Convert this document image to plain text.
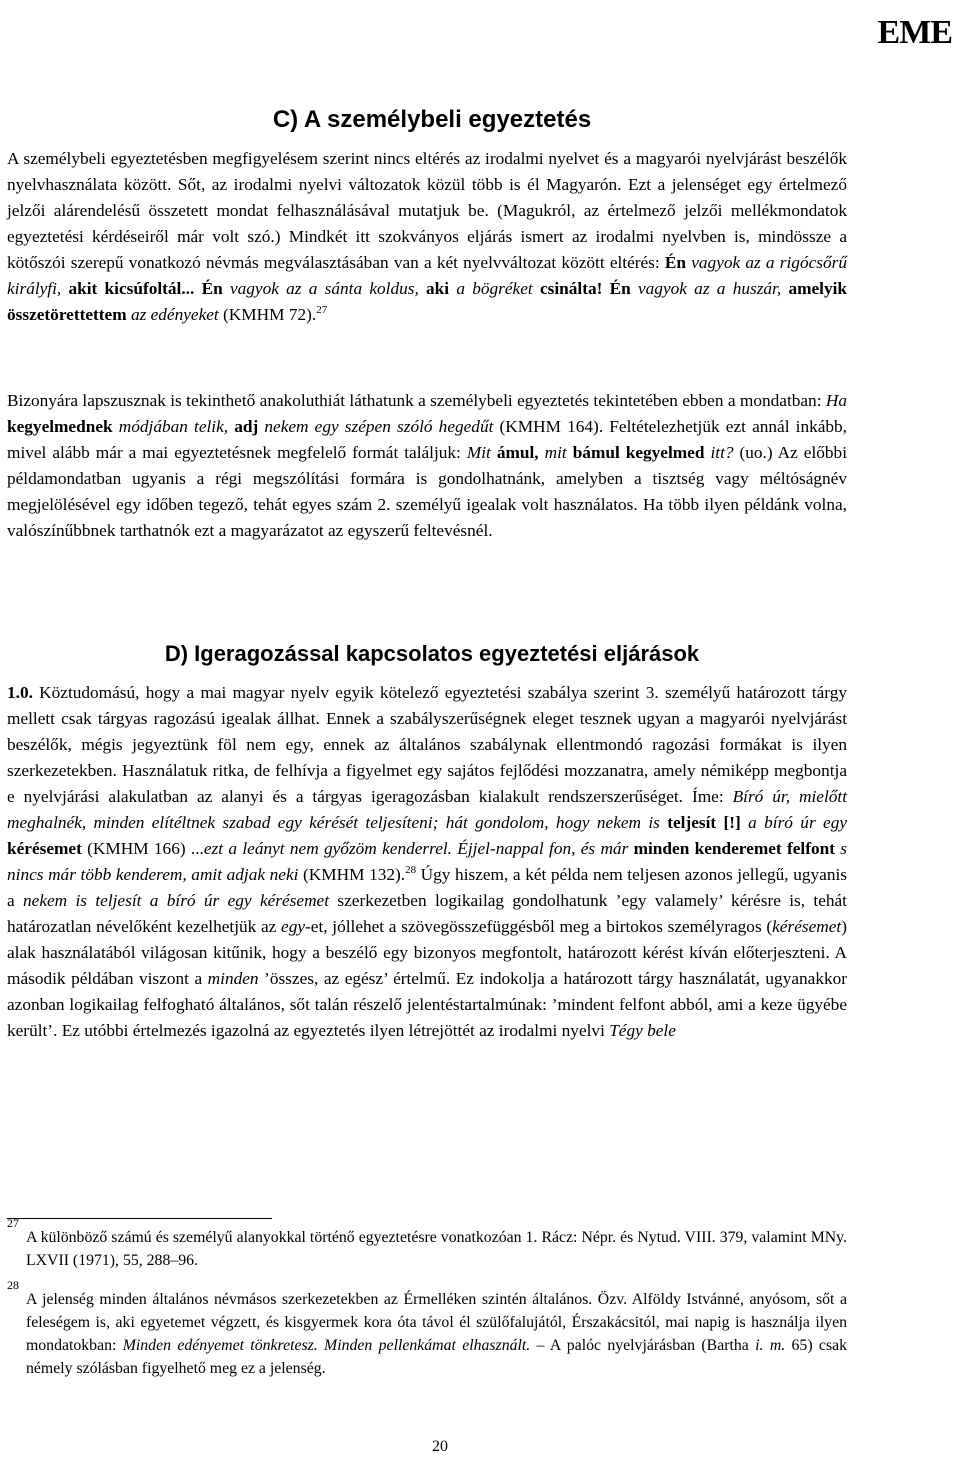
EME
C) A személybeli egyeztetés

A személybeli egyeztetésben megfigyelésem szerint nincs eltérés az irodalmi nyelvet és a magyarói nyelvjárást beszélők nyelvhasználata között. Sőt, az irodalmi nyelvi változatok közül több is él Magyarón. Ezt a jelenséget egy értelmező jelzői alárendelésű összetett mondat felhasználásával mutatjuk be. (Magukról, az értelmező jelzői mellékmondatok egyeztetési kérdéseiről már volt szó.) Mindkét itt szokványos eljárás ismert az irodalmi nyelvben is, mindössze a kötőszói szerepű vonatkozó névmás megválasztásában van a két nyelvváltozat között eltérés: Én vagyok az a rigócsőrű királyfi, akit kicsúfoltál... Én vagyok az a sánta koldus, aki a bögréket csinálta! Én vagyok az a huszár, amelyik összetörettettem az edényeket (KMHM 72).$^{27}$

Bizonyára lapszusznak is tekinthető anakoluthiát láthatunk a személybeli egyeztetés tekintetében ebben a mondatban: Ha kegyelmednek módjában telik, adj nekem egy szépen szóló hegedűt (KMHM 164). Feltételezhetjük ezt annál inkább, mivel alább már a mai egyeztetésnek megfelelő formát találjuk: Mit ámul, mit bámul kegyelmed itt? (uo.) Az előbbi példamondatban ugyanis a régi megszólítási formára is gondolhatnánk, amelyben a tisztség vagy méltóságnév megjelölésével egy időben tegező, tehát egyes szám 2. személyű igealak volt használatos. Ha több ilyen példánk volna, valószínűbbnek tarthatnók ezt a magyarázatot az egyszerű feltevésnél.

D) Igeragozással kapcsolatos egyeztetési eljárások

1.0. Köztudomású, hogy a mai magyar nyelv egyik kötelező egyeztetési szabálya szerint 3. személyű határozott tárgy mellett csak tárgyas ragozású igealak állhat. Ennek a szabályszerűségnek eleget tesznek ugyan a magyarói nyelvjárást beszélők, mégis jegyeztünk föl nem egy, ennek az általános szabálynak ellentmondó ragozási formákat is ilyen szerkezetekben. Használatuk ritka, de felhívja a figyelmet egy sajátos fejlődési mozzanatra, amely némiképp megbontja e nyelvjárási alakulatban az alanyi és a tárgyas igeragozásban kialakult rendszerszerűséget. Íme: Bíró úr, mielőtt meghalnék, minden elítéltnek szabad egy kérését teljesíteni; hát gondolom, hogy nekem is teljesít [!] a bíró úr egy kérésemet (KMHM 166) ...ezt a leányt nem győzöm kenderrel. Éjjel-nappal fon, és már minden kenderemet felfont s nincs már több kenderem, amit adjak neki (KMHM 132).$^{28}$ Úgy hiszem, a két példa nem teljesen azonos jellegű, ugyanis a nekem is teljesít a bíró úr egy kérésemet szerkezetben logikailag gondolhatunk ’egy valamely’ kérésre is, tehát határozatlan névelőként kezelhetjük az egy-et, jóllehet a szövegösszefüggésből meg a birtokos személyragos (kérésemet) alak használatából világosan kitűnik, hogy a beszélő egy bizonyos megfontolt, határozott kérést kíván előterjeszteni. A második példában viszont a minden ’összes, az egész’ értelmű. Ez indokolja a határozott tárgy használatát, ugyanakkor azonban logikailag felfogható általános, sőt talán részelő jelentéstartalmúnak: ’mindent felfont abból, ami a keze ügyébe került’. Ez utóbbi értelmezés igazolná az egyeztetés ilyen létrejöttét az irodalmi nyelvi Tégy bele

27
A különböző számú és személyű alanyokkal történő egyeztetésre vonatkozóan 1. Rácz: Népr. és Nytud. VIII. 379, valamint MNy. LXVII (1971), 55, 288–96.

28
A jelenség minden általános névmásos szerkezetekben az Érmelléken szintén általános. Özv. Alföldy Istvánné, anyósom, sőt a feleségem is, aki egyetemet végzett, és kisgyermek kora óta távol él szülőfalujától, Érszakácsitól, mai napig is használja ilyen mondatokban: Minden edényemet tönkretesz. Minden pellenkámat elhasznált. – A palóc nyelvjárásban (Bartha i. m. 65) csak némely szólásban figyelhető meg ez a jelenség.

20
